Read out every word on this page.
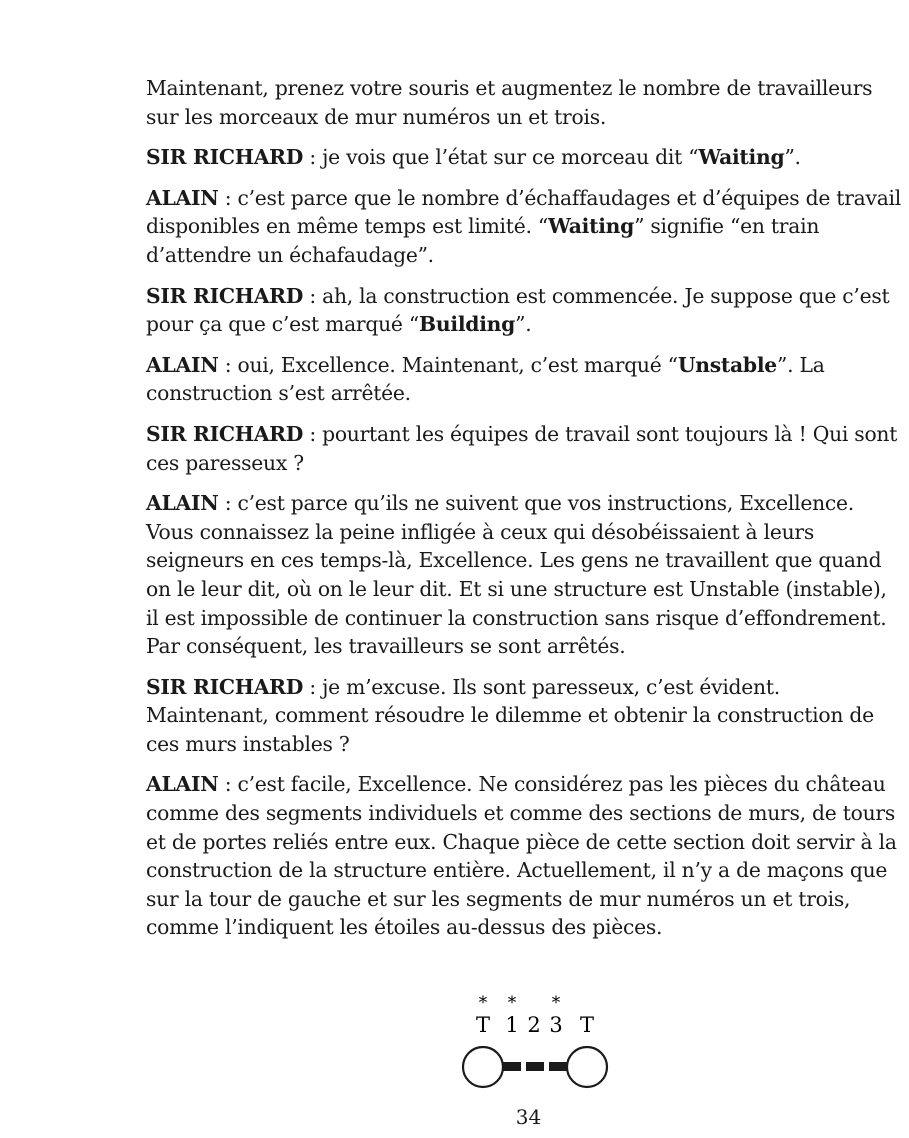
Maintenant, prenez votre souris et augmentez le nombre de travailleurs sur les morceaux de mur numéros un et trois.

SIR RICHARD : je vois que l’état sur ce morceau dit “Waiting”.

ALAIN : c’est parce que le nombre d’échaffaudages et d’équipes de travail disponibles en même temps est limité. “Waiting” signifie “en train d’attendre un échafaudage”.

SIR RICHARD : ah, la construction est commencée. Je suppose que c’est pour ça que c’est marqué “Building”.

ALAIN : oui, Excellence. Maintenant, c’est marqué “Unstable”. La construction s’est arrêtée.

SIR RICHARD : pourtant les équipes de travail sont toujours là ! Qui sont ces paresseux ?

ALAIN : c’est parce qu’ils ne suivent que vos instructions, Excellence. Vous connaissez la peine infligée à ceux qui désobéissaient à leurs seigneurs en ces temps-là, Excellence. Les gens ne travaillent que quand on le leur dit, où on le leur dit. Et si une structure est Unstable (instable), il est impossible de continuer la construction sans risque d’effondrement. Par conséquent, les travailleurs se sont arrêtés.

SIR RICHARD : je m’excuse. Ils sont paresseux, c’est évident. Maintenant, comment résoudre le dilemme et obtenir la construction de ces murs instables ?

ALAIN : c’est facile, Excellence. Ne considérez pas les pièces du château comme des segments individuels et comme des sections de murs, de tours et de portes reliés entre eux. Chaque pièce de cette section doit servir à la construction de la structure entière. Actuellement, il n’y a de maçons que sur la tour de gauche et sur les segments de mur numéros un et trois, comme l’indiquent les étoiles au-dessus des pièces.

* * *
T 1 2 3 T
34
